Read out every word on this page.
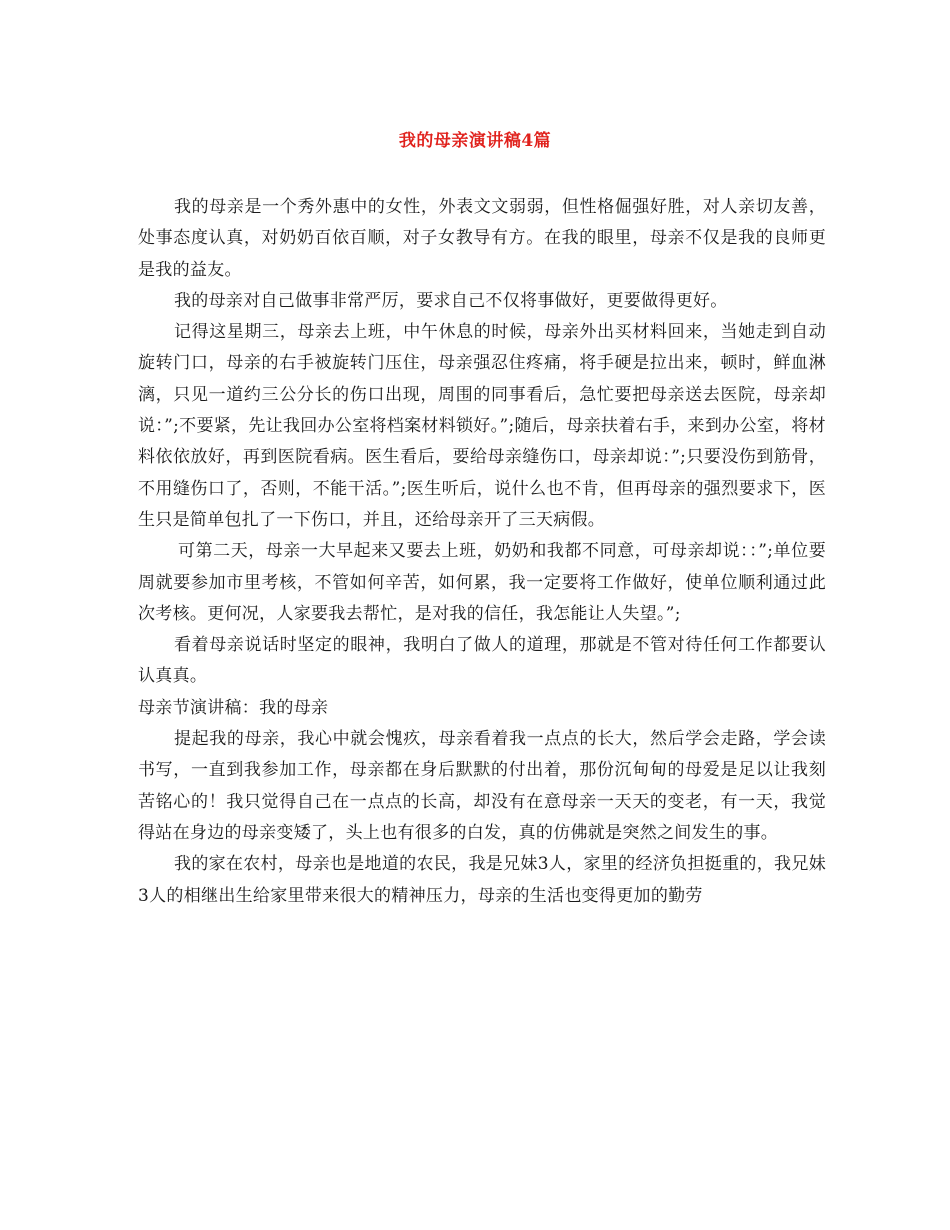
我的母亲演讲稿4篇

我的母亲是一个秀外惠中的女性，外表文文弱弱，但性格倔强好胜，对人亲切友善，处事态度认真，对奶奶百依百顺，对子女教导有方。在我的眼里，母亲不仅是我的良师更是我的益友。

我的母亲对自己做事非常严厉，要求自己不仅将事做好，更要做得更好。

记得这星期三，母亲去上班，中午休息的时候，母亲外出买材料回来，当她走到自动旋转门口，母亲的右手被旋转门压住，母亲强忍住疼痛，将手硬是拉出来，顿时，鲜血淋漓，只见一道约三公分长的伤口出现，周围的同事看后，急忙要把母亲送去医院，母亲却说：”;不要紧，先让我回办公室将档案材料锁好。”;随后，母亲扶着右手，来到办公室，将材料依依放好，再到医院看病。医生看后，要给母亲缝伤口，母亲却说：”;只要没伤到筋骨，不用缝伤口了，否则，不能干活。”;医生听后，说什么也不肯，但再母亲的强烈要求下，医生只是简单包扎了一下伤口，并且，还给母亲开了三天病假。

可第二天，母亲一大早起来又要去上班，奶奶和我都不同意，可母亲却说：：”;单位要周就要参加市里考核，不管如何辛苦，如何累，我一定要将工作做好，使单位顺利通过此次考核。更何况，人家要我去帮忙，是对我的信任，我怎能让人失望。”;

看着母亲说话时坚定的眼神，我明白了做人的道理，那就是不管对待任何工作都要认认真真。

母亲节演讲稿：我的母亲

提起我的母亲，我心中就会愧疚，母亲看着我一点点的长大，然后学会走路，学会读书写，一直到我参加工作，母亲都在身后默默的付出着，那份沉甸甸的母爱是足以让我刻苦铭心的！我只觉得自己在一点点的长高，却没有在意母亲一天天的变老，有一天，我觉得站在身边的母亲变矮了，头上也有很多的白发，真的仿佛就是突然之间发生的事。

我的家在农村，母亲也是地道的农民，我是兄妹3人，家里的经济负担挺重的，我兄妹3人的相继出生给家里带来很大的精神压力，母亲的生活也变得更加的勤劳
